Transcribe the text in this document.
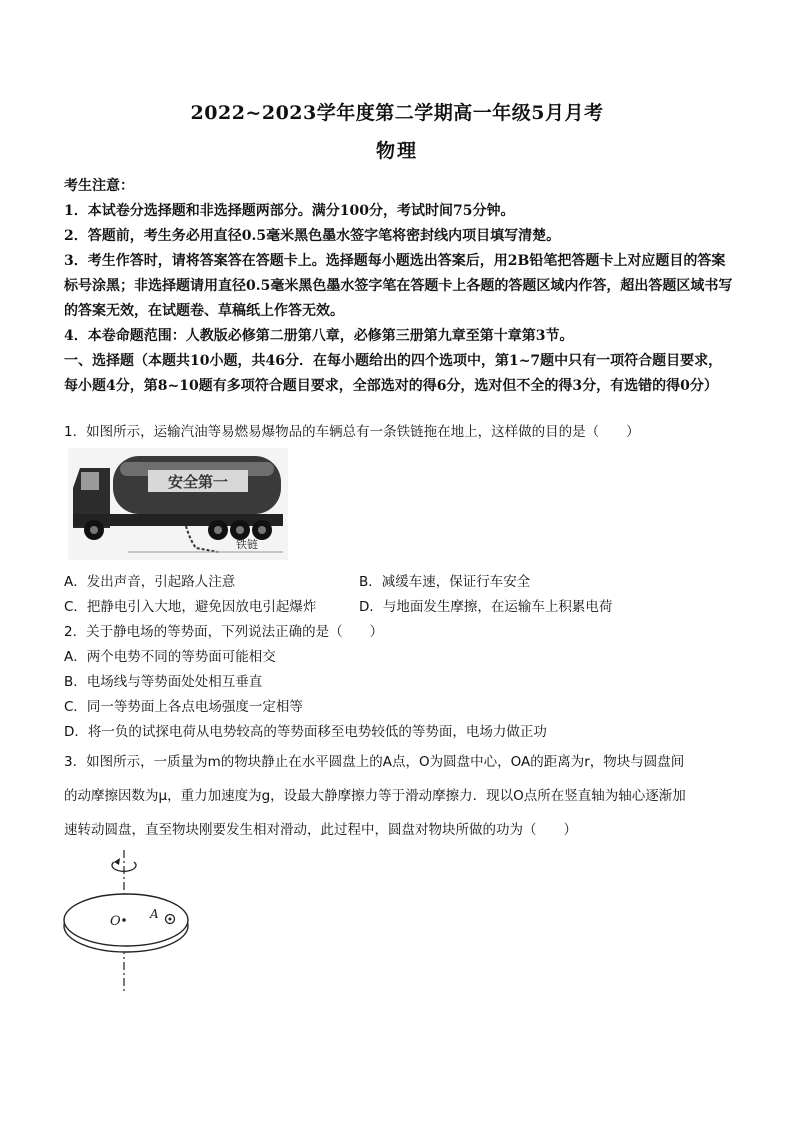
2022~2023学年度第二学期高一年级5月月考
物理

考生注意：

1．本试卷分选择题和非选择题两部分。满分100分，考试时间75分钟。

2．答题前，考生务必用直径0.5毫米黑色墨水签字笔将密封线内项目填写清楚。

3．考生作答时，请将答案答在答题卡上。选择题每小题选出答案后，用2B铅笔把答题卡上对应题目的答案标号涂黑；非选择题请用直径0.5毫米黑色墨水签字笔在答题卡上各题的答题区域内作答，超出答题区域书写的答案无效，在试题卷、草稿纸上作答无效。

4．本卷命题范围：人教版必修第二册第八章，必修第三册第九章至第十章第3节。

一、选择题（本题共10小题，共46分．在每小题给出的四个选项中，第1~7题中只有一项符合题目要求，每小题4分，第8~10题有多项符合题目要求，全部选对的得6分，选对但不全的得3分，有选错的得0分）

1．如图所示，运输汽油等易燃易爆物品的车辆总有一条铁链拖在地上，这样做的目的是（　　）

安全第一
铁链
A．发出声音，引起路人注意	B．减缓车速，保证行车安全
C．把静电引入大地，避免因放电引起爆炸	D．与地面发生摩擦，在运输车上积累电荷

2．关于静电场的等势面，下列说法正确的是（　　）

A．两个电势不同的等势面可能相交

B．电场线与等势面处处相互垂直

C．同一等势面上各点电场强度一定相等

D．将一负的试探电荷从电势较高的等势面移至电势较低的等势面，电场力做正功

3．如图所示，一质量为m的物块静止在水平圆盘上的A点，O为圆盘中心，OA的距离为r，物块与圆盘间

的动摩擦因数为μ，重力加速度为g，设最大静摩擦力等于滑动摩擦力．现以O点所在竖直轴为轴心逐渐加

速转动圆盘，直至物块刚要发生相对滑动，此过程中，圆盘对物块所做的功为（　　）

O A
